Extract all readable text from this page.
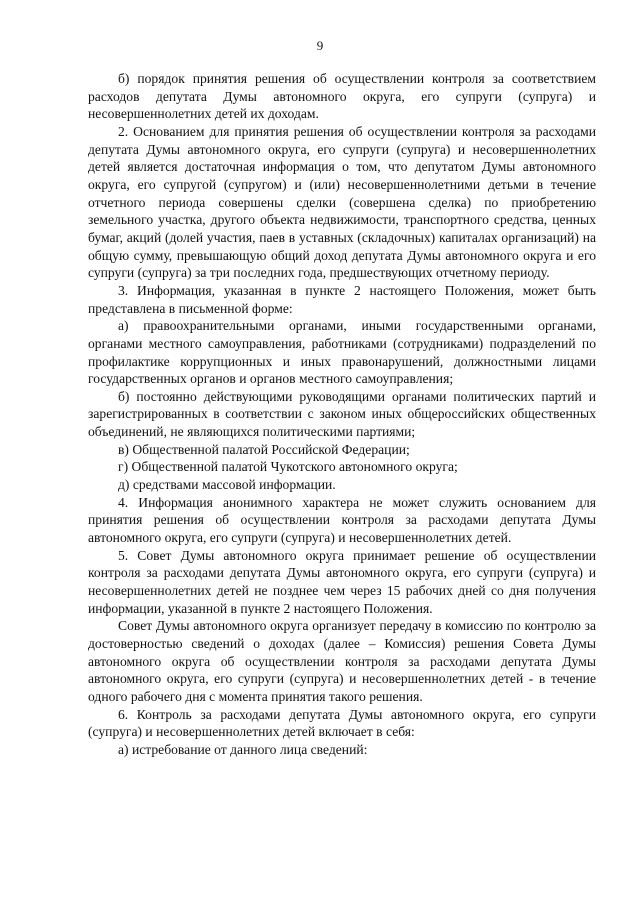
9

б) порядок принятия решения об осуществлении контроля за соответствием расходов депутата Думы автономного округа, его супруги (супруга) и несовершеннолетних детей их доходам.

2. Основанием для принятия решения об осуществлении контроля за расходами депутата Думы автономного округа, его супруги (супруга) и несовершеннолетних детей является достаточная информация о том, что депутатом Думы автономного округа, его супругой (супругом) и (или) несовершеннолетними детьми в течение отчетного периода совершены сделки (совершена сделка) по приобретению земельного участка, другого объекта недвижимости, транспортного средства, ценных бумаг, акций (долей участия, паев в уставных (складочных) капиталах организаций) на общую сумму, превышающую общий доход депутата Думы автономного округа и его супруги (супруга) за три последних года, предшествующих отчетному периоду.

3. Информация, указанная в пункте 2 настоящего Положения, может быть представлена в письменной форме:

а) правоохранительными органами, иными государственными органами, органами местного самоуправления, работниками (сотрудниками) подразделений по профилактике коррупционных и иных правонарушений, должностными лицами государственных органов и органов местного самоуправления;

б) постоянно действующими руководящими органами политических партий и зарегистрированных в соответствии с законом иных общероссийских общественных объединений, не являющихся политическими партиями;

в) Общественной палатой Российской Федерации;

г) Общественной палатой Чукотского автономного округа;

д) средствами массовой информации.

4. Информация анонимного характера не может служить основанием для принятия решения об осуществлении контроля за расходами депутата Думы автономного округа, его супруги (супруга) и несовершеннолетних детей.

5. Совет Думы автономного округа принимает решение об осуществлении контроля за расходами депутата Думы автономного округа, его супруги (супруга) и несовершеннолетних детей не позднее чем через 15 рабочих дней со дня получения информации, указанной в пункте 2 настоящего Положения.

Совет Думы автономного округа организует передачу в комиссию по контролю за достоверностью сведений о доходах (далее – Комиссия) решения Совета Думы автономного округа об осуществлении контроля за расходами депутата Думы автономного округа, его супруги (супруга) и несовершеннолетних детей - в течение одного рабочего дня с момента принятия такого решения.

6. Контроль за расходами депутата Думы автономного округа, его супруги (супруга) и несовершеннолетних детей включает в себя:

а) истребование от данного лица сведений:
